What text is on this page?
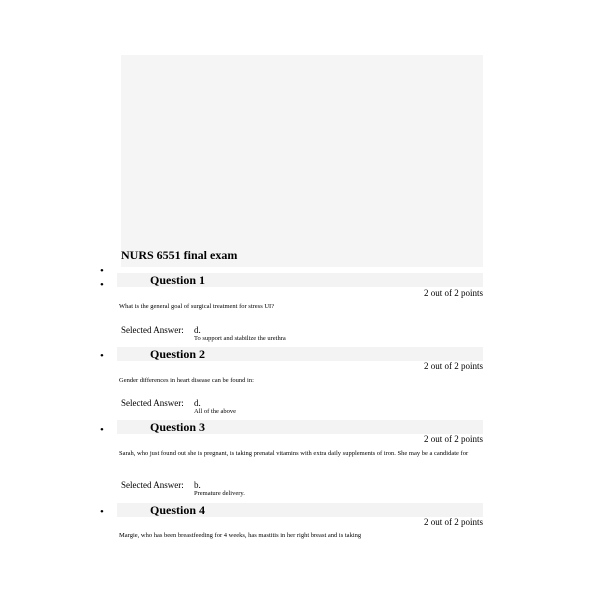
NURS 6551 final exam
•
•	Question 1
2 out of 2 points
What is the general goal of surgical treatment for stress UI?
Selected Answer: d.
To support and stabilize the urethra
•	Question 2
2 out of 2 points
Gender differences in heart disease can be found in:
Selected Answer: d.
All of the above
•	Question 3
2 out of 2 points
Sarah, who just found out she is pregnant, is taking prenatal vitamins with extra daily supplements of iron. She may be a candidate for
Selected Answer: b.
Premature delivery.
•	Question 4
2 out of 2 points
Margie, who has been breastfeeding for 4 weeks, has mastitis in her right breast and is taking
